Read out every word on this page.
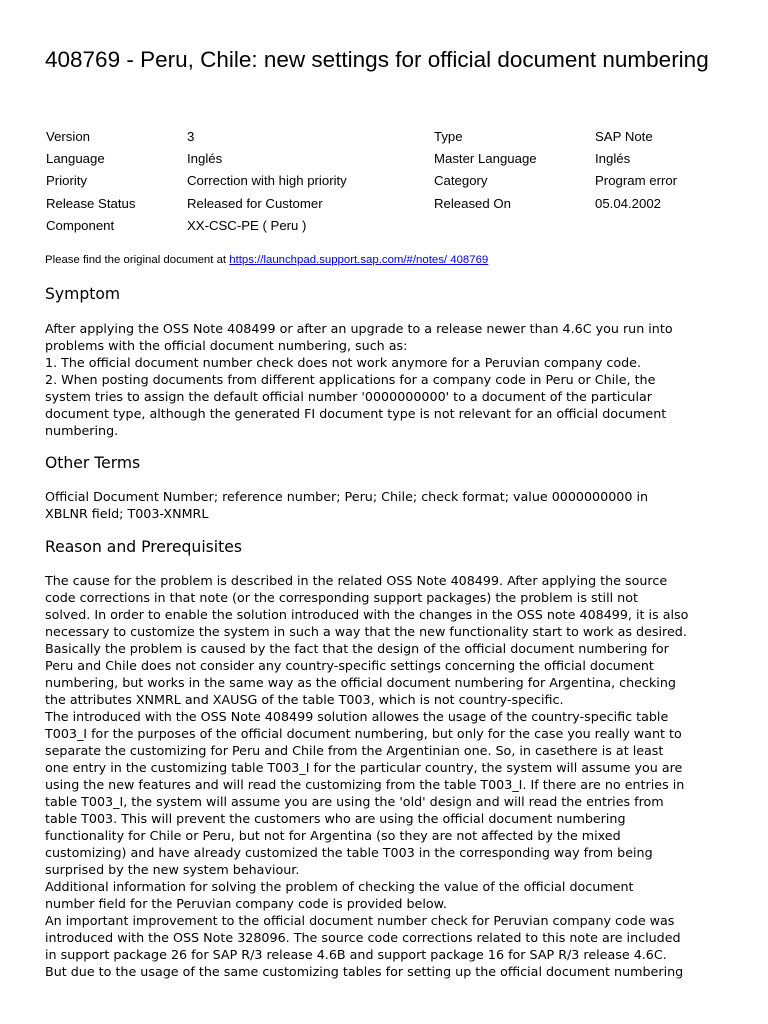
408769 - Peru, Chile: new settings for official document numbering
Version	3	Type	SAP Note
Language	Inglés	Master Language	Inglés
Priority	Correction with high priority	Category	Program error
Release Status	Released for Customer	Released On	05.04.2002
Component	XX-CSC-PE ( Peru )		
Please find the original document at https://launchpad.support.sap.com/#/notes/ 408769
Symptom
After applying the OSS Note 408499 or after an upgrade to a release newer than 4.6C you run into
problems with the official document numbering, such as:
1. The official document number check does not work anymore for a Peruvian company code.
2. When posting documents from different applications for a company code in Peru or Chile, the
system tries to assign the default official number '0000000000' to a document of the particular
document type, although the generated FI document type is not relevant for an official document
numbering.
Other Terms
Official Document Number; reference number; Peru; Chile; check format; value 0000000000 in
XBLNR field; T003-XNMRL
Reason and Prerequisites
The cause for the problem is described in the related OSS Note 408499. After applying the source
code corrections in that note (or the corresponding support packages) the problem is still not
solved. In order to enable the solution introduced with the changes in the OSS note 408499, it is also
necessary to customize the system in such a way that the new functionality start to work as desired.
Basically the problem is caused by the fact that the design of the official document numbering for
Peru and Chile does not consider any country-specific settings concerning the official document
numbering, but works in the same way as the official document numbering for Argentina, checking
the attributes XNMRL and XAUSG of the table T003, which is not country-specific.
The introduced with the OSS Note 408499 solution allowes the usage of the country-specific table
T003_I for the purposes of the official document numbering, but only for the case you really want to
separate the customizing for Peru and Chile from the Argentinian one. So, in casethere is at least
one entry in the customizing table T003_I for the particular country, the system will assume you are
using the new features and will read the customizing from the table T003_I. If there are no entries in
table T003_I, the system will assume you are using the 'old' design and will read the entries from
table T003. This will prevent the customers who are using the official document numbering
functionality for Chile or Peru, but not for Argentina (so they are not affected by the mixed
customizing) and have already customized the table T003 in the corresponding way from being
surprised by the new system behaviour.
Additional information for solving the problem of checking the value of the official document
number field for the Peruvian company code is provided below.
An important improvement to the official document number check for Peruvian company code was
introduced with the OSS Note 328096. The source code corrections related to this note are included
in support package 26 for SAP R/3 release 4.6B and support package 16 for SAP R/3 release 4.6C.
But due to the usage of the same customizing tables for setting up the official document numbering
